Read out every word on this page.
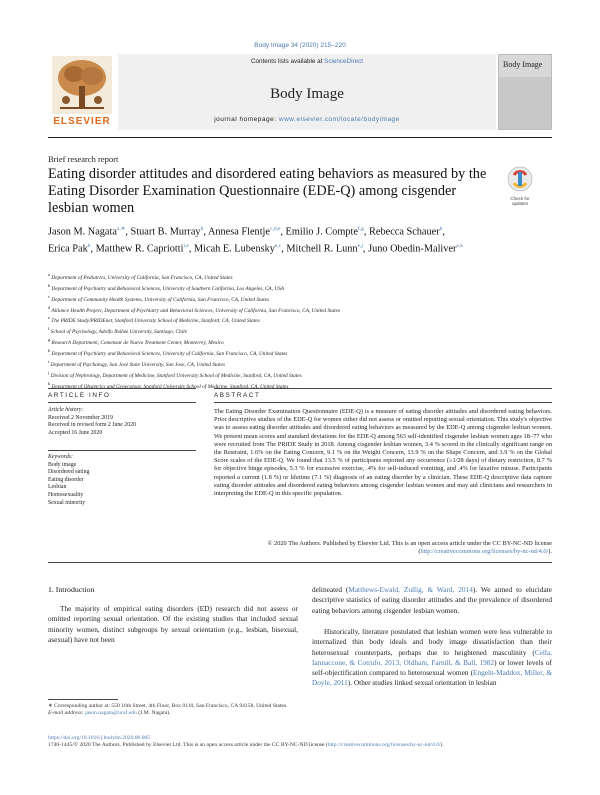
Body Image 34 (2020) 215–220
ELSEVIER
Contents lists available at ScienceDirect
Body Image
journal homepage: www.elsevier.com/locate/bodyimage
Body Image
Brief research report
Eating disorder attitudes and disordered eating behaviors as measured by the Eating Disorder Examination Questionnaire (EDE-Q) among cisgender lesbian women
Check for updates
Jason M. Nagata$^{a,∗}$, Stuart B. Murray$^b$, Annesa Flentje$^{c,d,e}$, Emilio J. Compte$^{f,g}$, Rebecca Schauer$^h$, Erica Pak$^h$, Matthew R. Capriotti$^{i,e}$, Micah E. Lubensky$^{e,c}$, Mitchell R. Lunn$^{e,j}$, Juno Obedin-Maliver$^{e,k}$
$^a$ Department of Pediatrics, University of California, San Francisco, CA, United States
$^b$ Department of Psychiatry and Behavioral Sciences, University of Southern California, Los Angeles, CA, USA
$^c$ Department of Community Health Systems, University of California, San Francisco, CA, United States
$^d$ Alliance Health Project, Department of Psychiatry and Behavioral Sciences, University of California, San Francisco, CA, United States
$^e$ The PRIDE Study/PRIDEnet, Stanford University School of Medicine, Stanford, CA, United States
$^f$ School of Psychology, Adolfo Ibáñez University, Santiago, Chile
$^g$ Research Department, Comenzar de Nuevo Treatment Center, Monterrey, Mexico
$^h$ Department of Psychiatry and Behavioral Sciences, University of California, San Francisco, CA, United States
$^i$ Department of Psychology, San José State University, San Jose, CA, United States
$^j$ Division of Nephrology, Department of Medicine, Stanford University School of Medicine, Stanford, CA, United States
$^k$ Department of Obstetrics and Gynecology, Stanford University School of Medicine, Stanford, CA, United States
ARTICLE INFO	ABSTRACT
Article history:
Received 2 November 2019
Received in revised form 2 June 2020
Accepted 16 June 2020
Keywords:
Body image
Disordered eating
Eating disorder
Lesbian
Homosexuality
Sexual minority
The Eating Disorder Examination Questionnaire (EDE-Q) is a measure of eating disorder attitudes and disordered eating behaviors. Prior descriptive studies of the EDE-Q for women either did not assess or omitted reporting sexual orientation. This study's objective was to assess eating disorder attitudes and disordered eating behaviors as measured by the EDE-Q among cisgender lesbian women. We present mean scores and standard deviations for the EDE-Q among 563 self-identified cisgender lesbian women ages 18–77 who were recruited from The PRIDE Study in 2018. Among cisgender lesbian women, 3.4 % scored in the clinically significant range on the Restraint, 1.6% on the Eating Concern, 9.1 % on the Weight Concern, 13.9 % on the Shape Concern, and 3.9 % on the Global Score scales of the EDE-Q. We found that 13.5 % of participants reported any occurrence (≥1/28 days) of dietary restriction, 8.7 % for objective binge episodes, 5.3 % for excessive exercise, .4% for self-induced vomiting, and .4% for laxative misuse. Participants reported a current (1.8 %) or lifetime (7.1 %) diagnosis of an eating disorder by a clinician. These EDE-Q descriptive data capture eating disorder attitudes and disordered eating behaviors among cisgender lesbian women and may aid clinicians and researchers in interpreting the EDE-Q in this specific population.
© 2020 The Authors. Published by Elsevier Ltd. This is an open access article under the CC BY-NC-ND license (http://creativecommons.org/licenses/by-nc-nd/4.0/).
1. Introduction
The majority of empirical eating disorders (ED) research did not assess or omitted reporting sexual orientation. Of the existing studies that included sexual minority women, distinct subgroups by sexual orientation (e.g., lesbian, bisexual, asexual) have not been
delineated (Matthews-Ewald, Zullig, & Ward, 2014). We aimed to elucidate descriptive statistics of eating disorder attitudes and the prevalence of disordered eating behaviors among cisgender lesbian women.
Historically, literature postulated that lesbian women were less vulnerable to internalized thin body ideals and body image dissatisfaction than their heterosexual counterparts, perhaps due to heightened masculinity (Cella, Iannaccone, & Cotrufo, 2013; Oldham, Farnill, & Ball, 1982) or lower levels of self-objectification compared to heterosexual women (Engeln-Maddox, Miller, & Doyle, 2011). Other studies linked sexual orientation in lesbian
∗ Corresponding author at: 550 16th Street, 4th Floor, Box 0110, San Francisco, CA 94158, United States.
E-mail address: jason.nagata@ucsf.edu (J.M. Nagata).
https://doi.org/10.1016/j.bodyim.2020.06.005
1740-1445/© 2020 The Authors. Published by Elsevier Ltd. This is an open access article under the CC BY-NC-ND license (http://creativecommons.org/licenses/by-nc-nd/4.0/).
